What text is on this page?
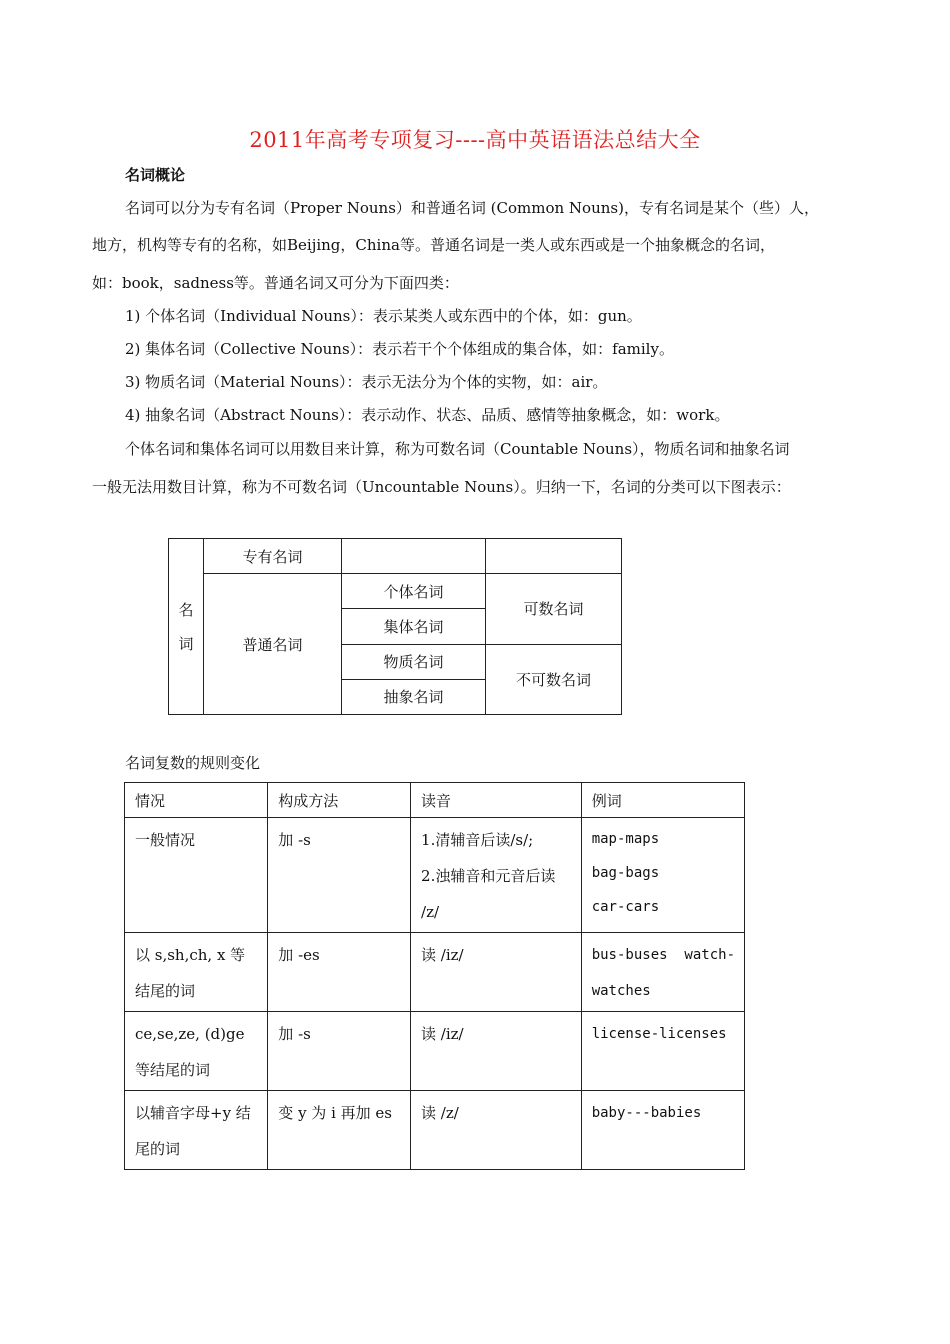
2011年高考专项复习----高中英语语法总结大全
名词概论
名词可以分为专有名词（Proper Nouns）和普通名词 (Common Nouns)，专有名词是某个（些）人，
地方，机构等专有的名称，如Beijing，China等。普通名词是一类人或东西或是一个抽象概念的名词，
如：book，sadness等。普通名词又可分为下面四类：
1) 个体名词（Individual Nouns）：表示某类人或东西中的个体，如：gun。
2) 集体名词（Collective Nouns）：表示若干个个体组成的集合体，如：family。
3) 物质名词（Material Nouns）：表示无法分为个体的实物，如：air。
4) 抽象名词（Abstract Nouns）：表示动作、状态、品质、感情等抽象概念，如：work。
个体名词和集体名词可以用数目来计算，称为可数名词（Countable Nouns），物质名词和抽象名词
一般无法用数目计算，称为不可数名词（Uncountable Nouns）。归纳一下，名词的分类可以下图表示：
名
词	专有名词		
	普通名词	个体名词	可数名词
		集体名词	
		物质名词	不可数名词
		抽象名词	
名词复数的规则变化
情况	构成方法	读音	例词

一般情况	加 -s	1.清辅音后读/s/;
2.浊辅音和元音后读
/z/	map-maps
bag-bags
car-cars

以 s,sh,ch, x 等
结尾的词	加 -es	读 /iz/	bus-buses  watch-
watches

ce,se,ze, (d)ge
等结尾的词	加 -s	读 /iz/	license-licenses

以辅音字母+y 结
尾的词	变 y 为 i 再加 es	读 /z/	baby---babies
